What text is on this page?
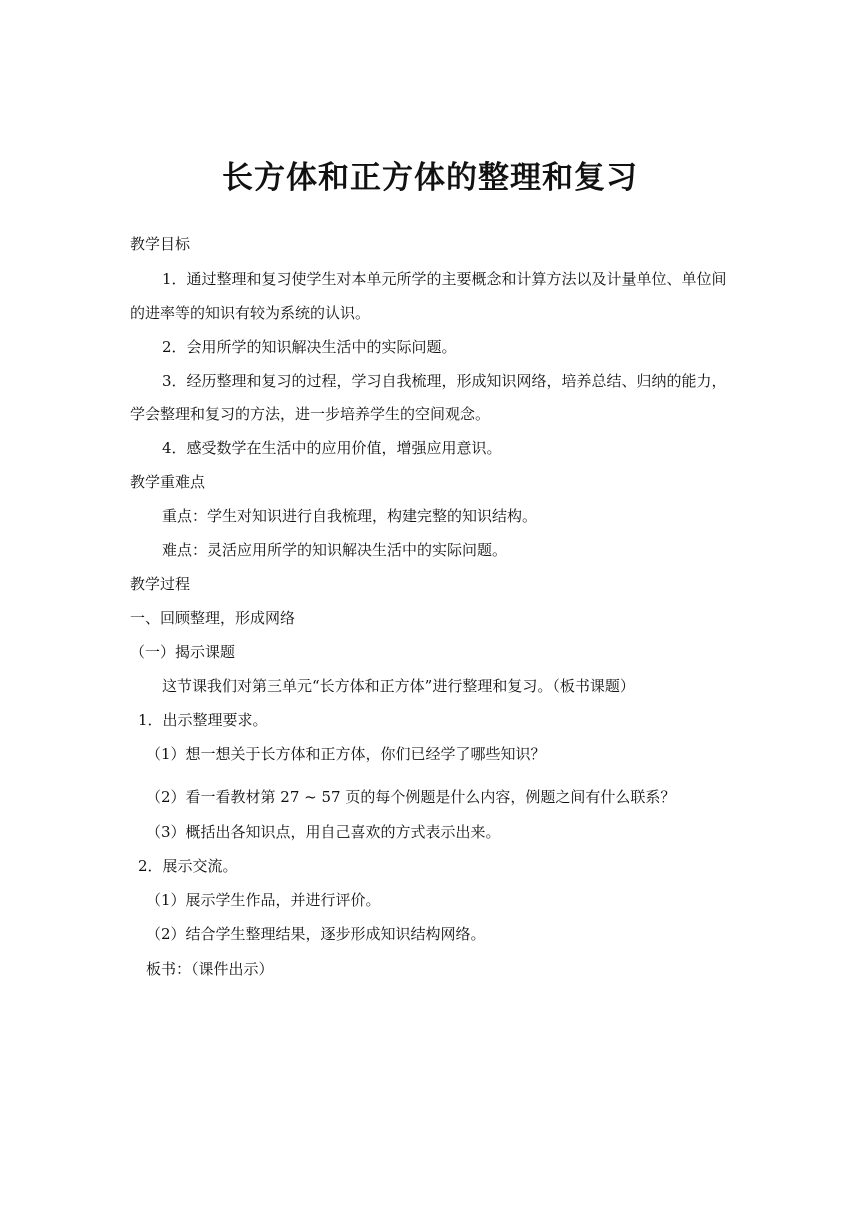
长方体和正方体的整理和复习

教学目标

1．通过整理和复习使学生对本单元所学的主要概念和计算方法以及计量单位、单位间

的进率等的知识有较为系统的认识。

2．会用所学的知识解决生活中的实际问题。

3．经历整理和复习的过程，学习自我梳理，形成知识网络，培养总结、归纳的能力，

学会整理和复习的方法，进一步培养学生的空间观念。

4．感受数学在生活中的应用价值，增强应用意识。

教学重难点

重点：学生对知识进行自我梳理，构建完整的知识结构。

难点：灵活应用所学的知识解决生活中的实际问题。

教学过程

一、回顾整理，形成网络

（一）揭示课题

这节课我们对第三单元“长方体和正方体”进行整理和复习。（板书课题）

1．出示整理要求。

（1）想一想关于长方体和正方体，你们已经学了哪些知识？

（2）看一看教材第 27 ~ 57 页的每个例题是什么内容，例题之间有什么联系？

（3）概括出各知识点，用自己喜欢的方式表示出来。

2．展示交流。

（1）展示学生作品，并进行评价。

（2）结合学生整理结果，逐步形成知识结构网络。

板书：（课件出示）
